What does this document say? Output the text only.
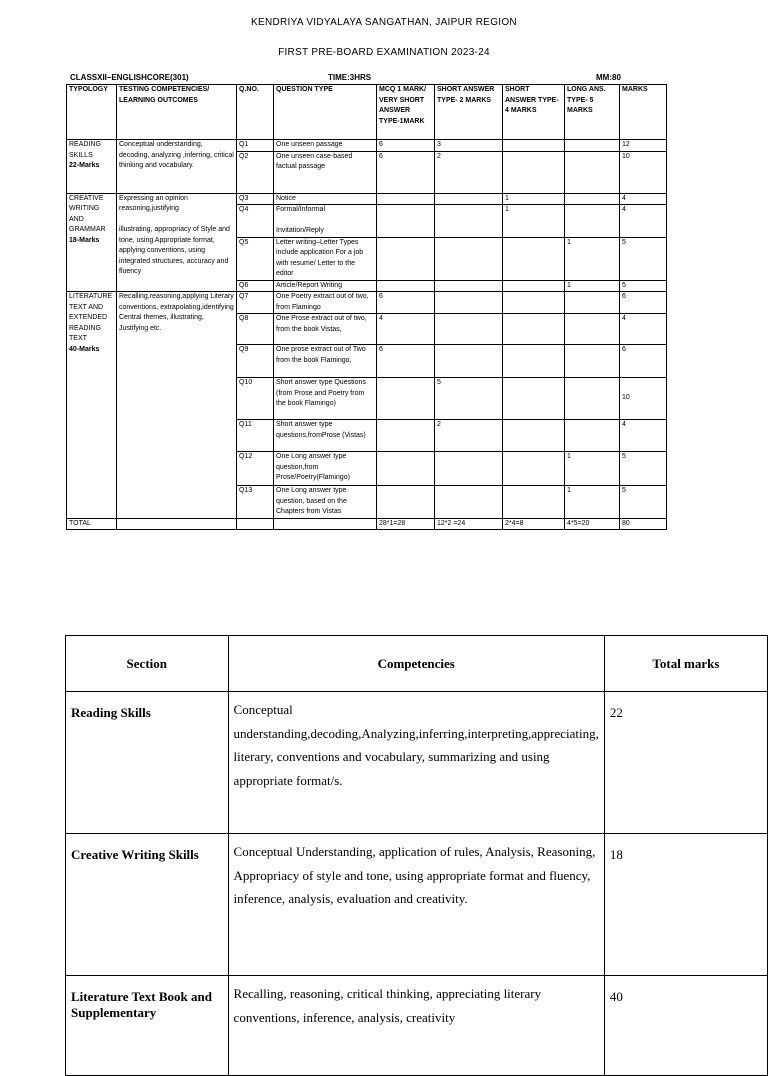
KENDRIYA VIDYALAYA SANGATHAN, JAIPUR REGION
FIRST PRE-BOARD EXAMINATION 2023-24
CLASSXII–ENGLISHCORE(301)	TIME:3HRS	MM:80
TYPOLOGY	TESTING COMPETENCIES/ LEARNING OUTCOMES	Q.NO.	QUESTION TYPE	MCQ 1 MARK/ VERY SHORT ANSWER TYPE-1MARK	SHORT ANSWER TYPE- 2 MARKS	SHORT ANSWER TYPE-4 MARKS	LONG ANS. TYPE- 5 MARKS	MARKS
READING SKILLS
22-Marks	Conceptual understanding, decoding, analyzing ,inferring, critical thinking and vocabulary.	Q1	One unseen passage	6	3			12
		Q2	One unseen case-based factual passage	6	2			10
CREATIVE WRITING AND GRAMMAR
18-Marks	Expressing an opinion reasoning,justifying

illustrating, appropriacy of Style and tone, using Appropriate format, applying conventions, using integrated structures, accuracy and fluency	Q3	Notice			1		4
		Q4	Formal/Informal

Invitation/Reply			1		4
		Q5	Letter writing–Letter Types include application For a job with resume/ Letter to the editor				1	5
		Q6	Article/Report Writing				1	5
LITERATURE TEXT AND EXTENDED READING TEXT
40-Marks	Recalling,reasoning,applying Literary conventions, extrapolating,identifying Central themes, illustrating,
Justifying etc.	Q7	One Poetry extract out of two, from Flamingo	6				6
		Q8	One Prose extract out of two, from the book Vistas,	4				4
		Q9	One prose extract out of Two from the book Flamingo,	6				6
		Q10	Short answer type Questions (from Prose and Poetry from the book Flamingo)		5			10
		Q11	Short answer type questions,fromProse (Vistas)		2			4
		Q12	One Long answer type question,from Prose/Poetry(Flamingo)				1	5
		Q13	One Long answer type question, based on the Chapters from Vistas				1	5
TOTAL				28*1=28	12*2 =24	2*4=8	4*5=20	80
Section	Competencies	Total marks
Reading Skills	Conceptual understanding,decoding,Analyzing,inferring,interpreting,appreciating, literary, conventions and vocabulary, summarizing and using appropriate format/s.	22
Creative Writing Skills	Conceptual Understanding, application of rules, Analysis, Reasoning,
Appropriacy of style and tone, using appropriate format and fluency, inference, analysis, evaluation and creativity.	18
Literature Text Book and Supplementary	Recalling, reasoning, critical thinking, appreciating literary conventions, inference, analysis, creativity	40
